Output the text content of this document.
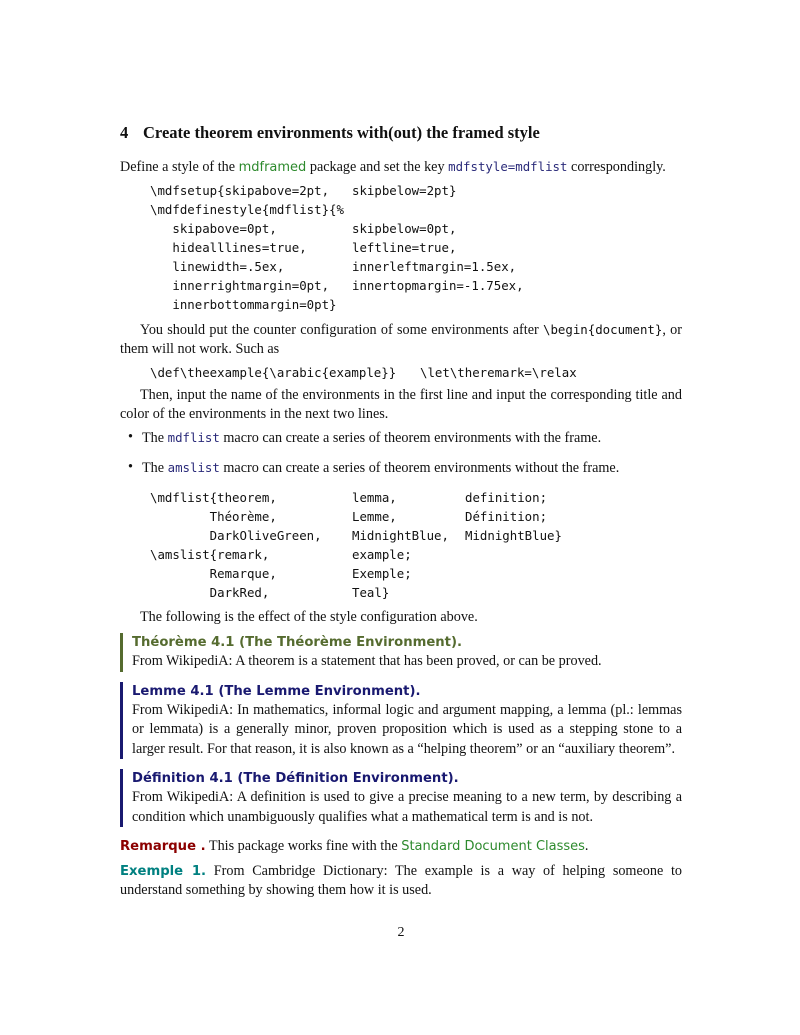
4 Create theorem environments with(out) the framed style

Define a style of the mdframed package and set the key mdfstyle=mdflist correspondingly.

\mdfsetup{skipabove=2pt, skipbelow=2pt}
\mdfdefinestyle{mdflist}{%
skipabove=0pt,	skipbelow=0pt,
hidealllines=true,	leftline=true,
linewidth=.5ex,	innerleftmargin=1.5ex,
innerrightmargin=0pt, innertopmargin=-1.75ex,
innerbottommargin=0pt}

You should put the counter configuration of some environments after \begin{document}, or them will not work. Such as

\def\theexample{\arabic{example}} \let\theremark=\relax

Then, input the name of the environments in the first line and input the corresponding title and color of the environments in the next two lines.

• The mdflist macro can create a series of theorem environments with the frame.
• The amslist macro can create a series of theorem environments without the frame.
\mdflist{theorem,	lemma,	definition;
Théorème,	Lemme,	Définition;
DarkOliveGreen, MidnightBlue, MidnightBlue}
\amslist{remark,	example;
Remarque,	Exemple;
DarkRed,	Teal}

The following is the effect of the style configuration above.

Théorème 4.1 (The Théorème Environment).
From WikipediA: A theorem is a statement that has been proved, or can be proved.
Lemme 4.1 (The Lemme Environment).
From WikipediA: In mathematics, informal logic and argument mapping, a lemma (pl.: lemmas or lemmata) is a generally minor, proven proposition which is used as a stepping stone to a larger result. For that reason, it is also known as a “helping theorem” or an “auxiliary theorem”.
Définition 4.1 (The Définition Environment).
From WikipediA: A definition is used to give a precise meaning to a new term, by describing a condition which unambiguously qualifies what a mathematical term is and is not.
Remarque . This package works fine with the Standard Document Classes.
Exemple 1. From Cambridge Dictionary: The example is a way of helping someone to understand something by showing them how it is used.
2
